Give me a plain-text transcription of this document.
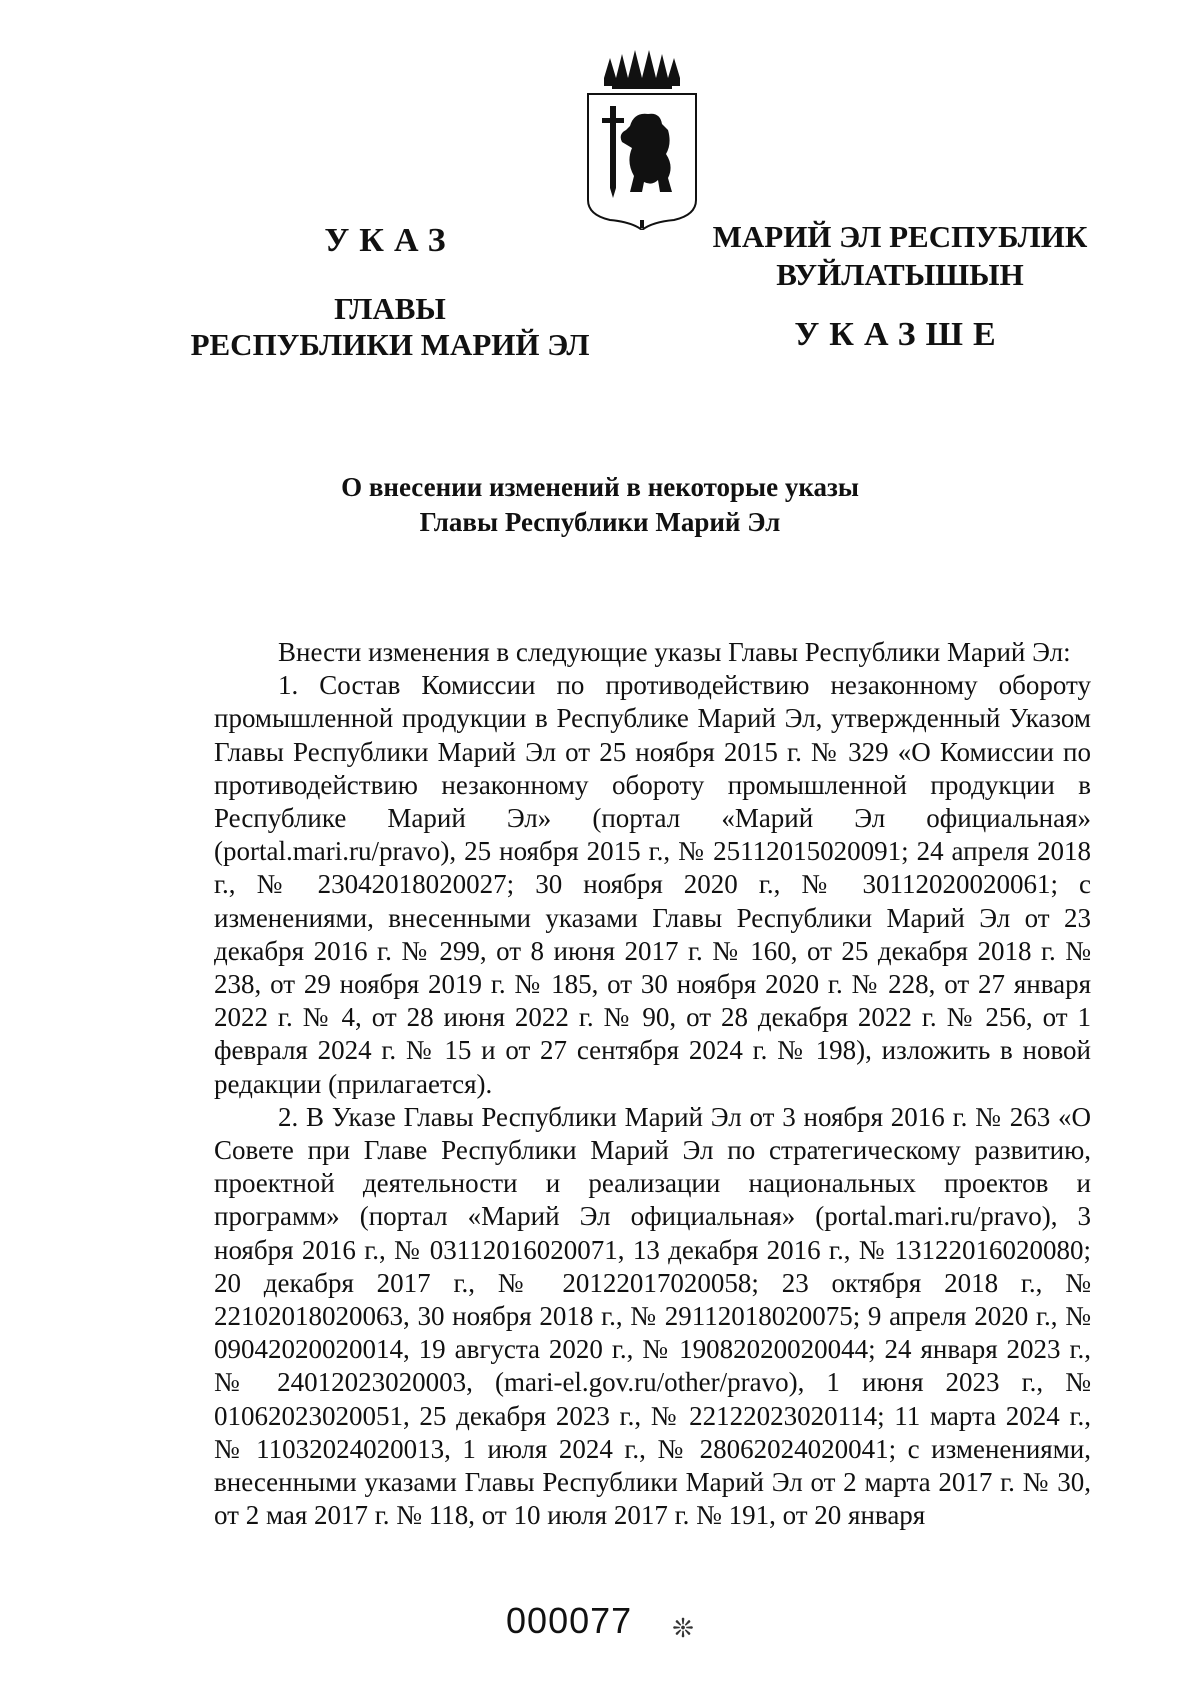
УКАЗ
ГЛАВЫ
РЕСПУБЛИКИ МАРИЙ ЭЛ
МАРИЙ ЭЛ РЕСПУБЛИК
ВУЙЛАТЫШЫН
УКАЗШЕ
О внесении изменений в некоторые указы
Главы Республики Марий Эл

Внести изменения в следующие указы Главы Республики Марий Эл:

1. Состав Комиссии по противодействию незаконному обороту промышленной продукции в Республике Марий Эл, утвержденный Указом Главы Республики Марий Эл от 25 ноября 2015 г. № 329 «О Комиссии по противодействию незаконному обороту промышленной продукции в Республике Марий Эл» (портал «Марий Эл официальная» (portal.mari.ru/pravo), 25 ноября 2015 г., № 25112015020091; 24 апреля 2018 г., № 23042018020027; 30 ноября 2020 г., № 30112020020061; с изменениями, внесенными указами Главы Республики Марий Эл от 23 декабря 2016 г. № 299, от 8 июня 2017 г. № 160, от 25 декабря 2018 г. № 238, от 29 ноября 2019 г. № 185, от 30 ноября 2020 г. № 228, от 27 января 2022 г. № 4, от 28 июня 2022 г. № 90, от 28 декабря 2022 г. № 256, от 1 февраля 2024 г. № 15 и от 27 сентября 2024 г. № 198), изложить в новой редакции (прилагается).

2. В Указе Главы Республики Марий Эл от 3 ноября 2016 г. № 263 «О Совете при Главе Республики Марий Эл по стратегическому развитию, проектной деятельности и реализации национальных проектов и программ» (портал «Марий Эл официальная» (portal.mari.ru/pravo), 3 ноября 2016 г., № 03112016020071, 13 декабря 2016 г., № 13122016020080; 20 декабря 2017 г., № 20122017020058; 23 октября 2018 г., № 22102018020063, 30 ноября 2018 г., № 29112018020075; 9 апреля 2020 г., № 09042020020014, 19 августа 2020 г., № 19082020020044; 24 января 2023 г., № 24012023020003, (mari-el.gov.ru/other/pravo), 1 июня 2023 г., № 01062023020051, 25 декабря 2023 г., № 22122023020114; 11 марта 2024 г., № 11032024020013, 1 июля 2024 г., № 28062024020041; с изменениями, внесенными указами Главы Республики Марий Эл от 2 марта 2017 г. № 30, от 2 мая 2017 г. № 118, от 10 июля 2017 г. № 191, от 20 января

000077 ❊
